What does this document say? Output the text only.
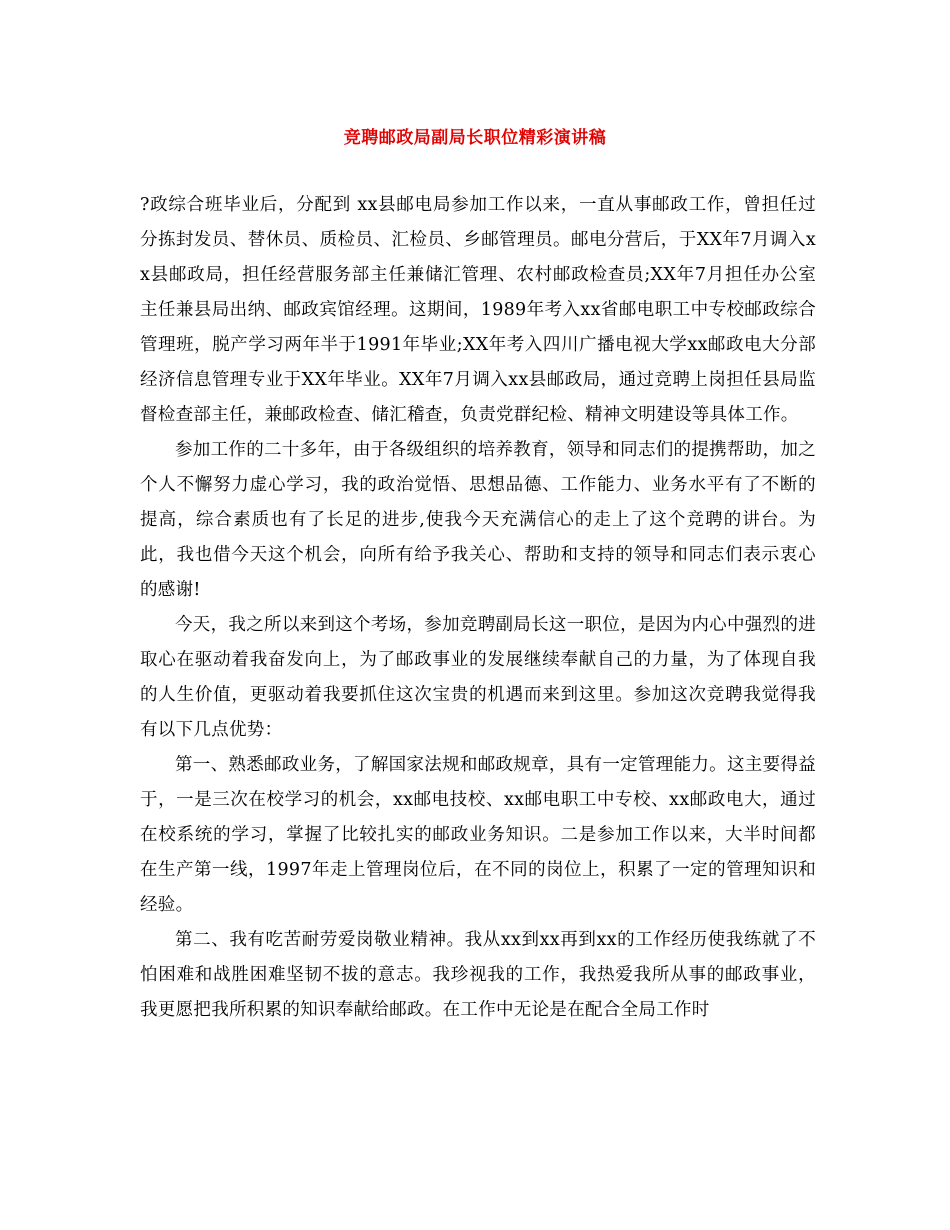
竞聘邮政局副局长职位精彩演讲稿

?政综合班毕业后，分配到 xx县邮电局参加工作以来，一直从事邮政工作，曾担任过分拣封发员、替休员、质检员、汇检员、乡邮管理员。邮电分营后，于XX年7月调入xx县邮政局，担任经营服务部主任兼储汇管理、农村邮政检查员;XX年7月担任办公室主任兼县局出纳、邮政宾馆经理。这期间，1989年考入xx省邮电职工中专校邮政综合管理班，脱产学习两年半于1991年毕业;XX年考入四川广播电视大学xx邮政电大分部经济信息管理专业于XX年毕业。XX年7月调入xx县邮政局，通过竞聘上岗担任县局监督检查部主任，兼邮政检查、储汇稽查，负责党群纪检、精神文明建设等具体工作。

参加工作的二十多年，由于各级组织的培养教育，领导和同志们的提携帮助，加之个人不懈努力虚心学习，我的政治觉悟、思想品德、工作能力、业务水平有了不断的提高，综合素质也有了长足的进步,使我今天充满信心的走上了这个竞聘的讲台。为此，我也借今天这个机会，向所有给予我关心、帮助和支持的领导和同志们表示衷心的感谢!

今天，我之所以来到这个考场，参加竞聘副局长这一职位，是因为内心中强烈的进取心在驱动着我奋发向上，为了邮政事业的发展继续奉献自己的力量，为了体现自我的人生价值，更驱动着我要抓住这次宝贵的机遇而来到这里。参加这次竞聘我觉得我有以下几点优势：

第一、熟悉邮政业务，了解国家法规和邮政规章，具有一定管理能力。这主要得益于，一是三次在校学习的机会，xx邮电技校、xx邮电职工中专校、xx邮政电大，通过在校系统的学习，掌握了比较扎实的邮政业务知识。二是参加工作以来，大半时间都在生产第一线，1997年走上管理岗位后，在不同的岗位上，积累了一定的管理知识和经验。

第二、我有吃苦耐劳爱岗敬业精神。我从xx到xx再到xx的工作经历使我练就了不怕困难和战胜困难坚韧不拔的意志。我珍视我的工作，我热爱我所从事的邮政事业，我更愿把我所积累的知识奉献给邮政。在工作中无论是在配合全局工作时
